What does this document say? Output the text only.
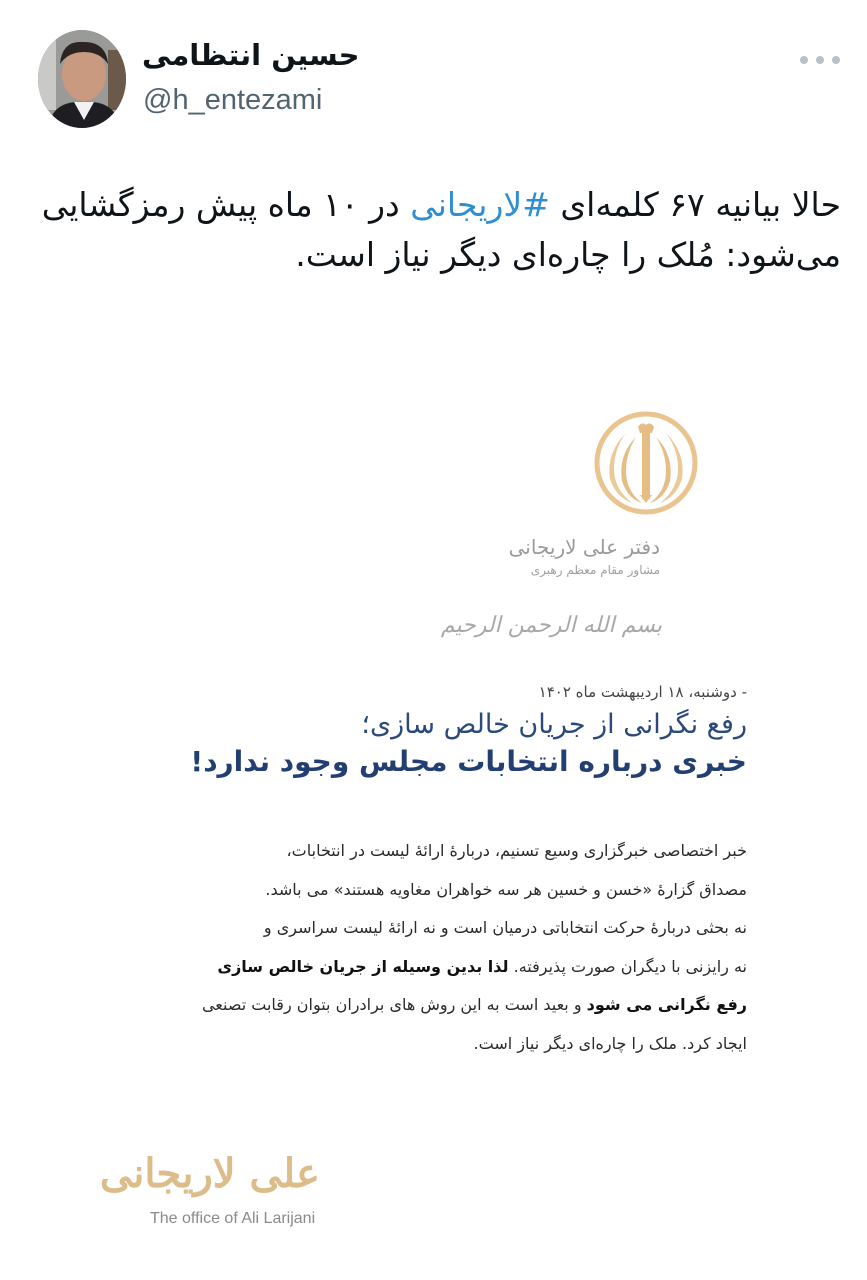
حسین انتظامی
@h_entezami
حالا بیانیه ۶۷ کلمه‌ای #لاریجانی در ۱۰ ماه پیش رمزگشایی می‌شود: مُلک را چاره‌ای دیگر نیاز است.
دفتر علی لاریجانی
مشاور مقام معظم رهبری
بسم الله الرحمن الرحیم
- دوشنبه، ۱۸ اردیبهشت ماه ۱۴۰۲
رفع نگرانی از جریان خالص سازی؛
خبری درباره انتخابات مجلس وجود ندارد!

خبر اختصاصی خبرگزاری وسیع تسنیم، دربارهٔ ارائهٔ لیست در انتخابات،

مصداق گزارهٔ «خسن و خسین هر سه خواهران مغاویه هستند» می باشد.

نه بحثی دربارهٔ حرکت انتخاباتی درمیان است و نه ارائهٔ لیست سراسری و

نه رایزنی با دیگران صورت پذیرفته. لذا بدین وسیله از جریان خالص سازی

رفع نگرانی می شود و بعید است به این روش های برادران بتوان رقابت تصنعی

ایجاد کرد. ملک را چاره‌ای دیگر نیاز است.

علی لاریجانی
The office of Ali Larijani
